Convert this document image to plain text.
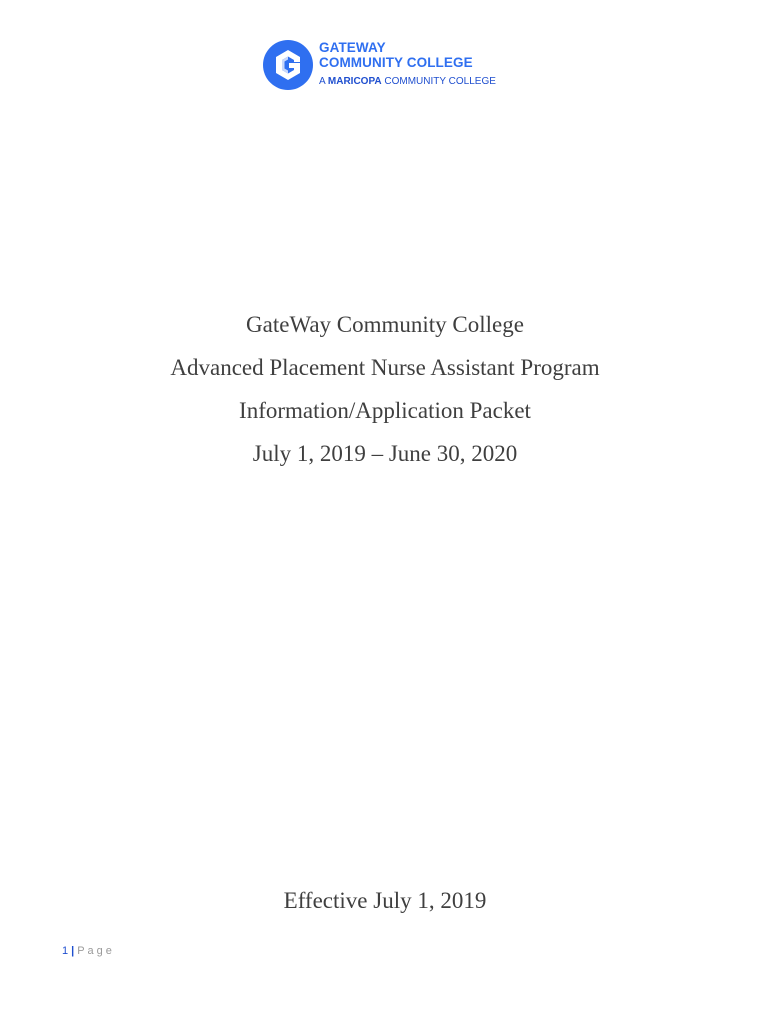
GATEWAY
COMMUNITY COLLEGE
A MARICOPA COMMUNITY COLLEGE
GateWay Community College
Advanced Placement Nurse Assistant Program
Information/Application Packet
July 1, 2019 – June 30, 2020
Effective July 1, 2019
1 | Page
